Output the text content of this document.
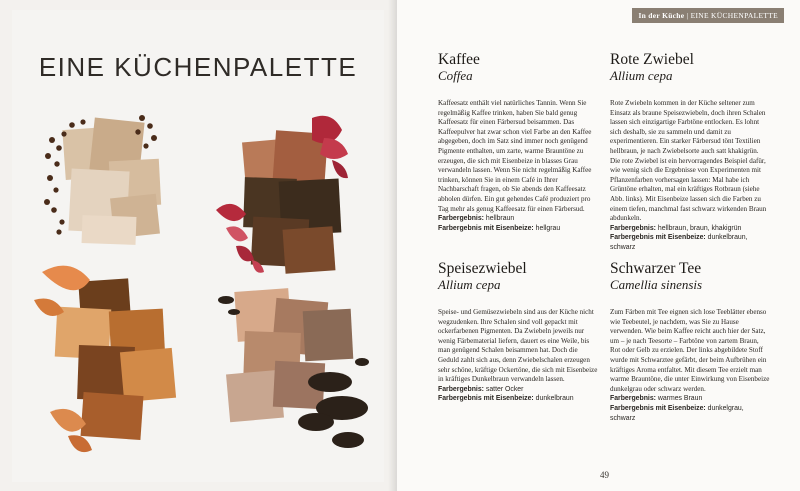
EINE KÜCHENPALETTE
In der Küche | EINE KÜCHENPALETTE
Kaffee
Coffea

Kaffeesatz enthält viel natürliches Tannin. Wenn Sie regelmäßig Kaffee trinken, haben Sie bald genug Kaffeesatz für einen Färbersud beisammen. Das Kaffeepulver hat zwar schon viel Farbe an den Kaffee abgegeben, doch im Satz sind immer noch genügend Pigmente enthalten, um zarte, warme Brauntöne zu erzeugen, die sich mit Eisenbeize in blasses Grau verwandeln lassen. Wenn Sie nicht regelmäßig Kaffee trinken, können Sie in einem Café in Ihrer Nachbarschaft fragen, ob Sie abends den Kaffeesatz abholen dürfen. Ein gut gehendes Café produziert pro Tag mehr als genug Kaffeesatz für einen Färbersud.

Farbergebnis: hellbraun
Farbergebnis mit Eisenbeize: hellgrau
Rote Zwiebel
Allium cepa

Rote Zwiebeln kommen in der Küche seltener zum Einsatz als braune Speisezwiebeln, doch ihren Schalen lassen sich einzigartige Farbtöne entlocken. Es lohnt sich deshalb, sie zu sammeln und damit zu experimentieren. Ein starker Färbersud tönt Textilien hellbraun, je nach Zwiebelsorte auch satt khakigrün. Die rote Zwiebel ist ein hervorragendes Beispiel dafür, wie wenig sich die Ergebnisse von Experimenten mit Pflanzenfarben vorhersagen lassen: Mal habe ich Grüntöne erhalten, mal ein kräftiges Rotbraun (siehe Abb. links). Mit Eisenbeize lassen sich die Farben zu einem tiefen, manchmal fast schwarz wirkenden Braun abdunkeln.

Farbergebnis: hellbraun, braun, khakigrün
Farbergebnis mit Eisenbeize: dunkelbraun, schwarz
Speisezwiebel
Allium cepa

Speise- und Gemüsezwiebeln sind aus der Küche nicht wegzudenken. Ihre Schalen sind voll gepackt mit ockerfarbenen Pigmenten. Da Zwiebeln jeweils nur wenig Färbematerial liefern, dauert es eine Weile, bis man genügend Schalen beisammen hat. Doch die Geduld zahlt sich aus, denn Zwiebelschalen erzeugen sehr schöne, kräftige Ockertöne, die sich mit Eisenbeize in kräftiges Dunkelbraun verwandeln lassen.

Farbergebnis: satter Ocker
Farbergebnis mit Eisenbeize: dunkelbraun
Schwarzer Tee
Camellia sinensis

Zum Färben mit Tee eignen sich lose Teeblätter ebenso wie Teebeutel, je nachdem, was Sie zu Hause verwenden. Wie beim Kaffee reicht auch hier der Satz, um – je nach Teesorte – Farbtöne von zartem Braun, Rot oder Gelb zu erzielen. Der links abgebildete Stoff wurde mit Schwarztee gefärbt, der beim Aufbrühen ein kräftiges Aroma entfaltet. Mit diesem Tee erzielt man warme Brauntöne, die unter Einwirkung von Eisenbeize dunkelgrau oder schwarz werden.

Farbergebnis: warmes Braun
Farbergebnis mit Eisenbeize: dunkelgrau, schwarz
49
